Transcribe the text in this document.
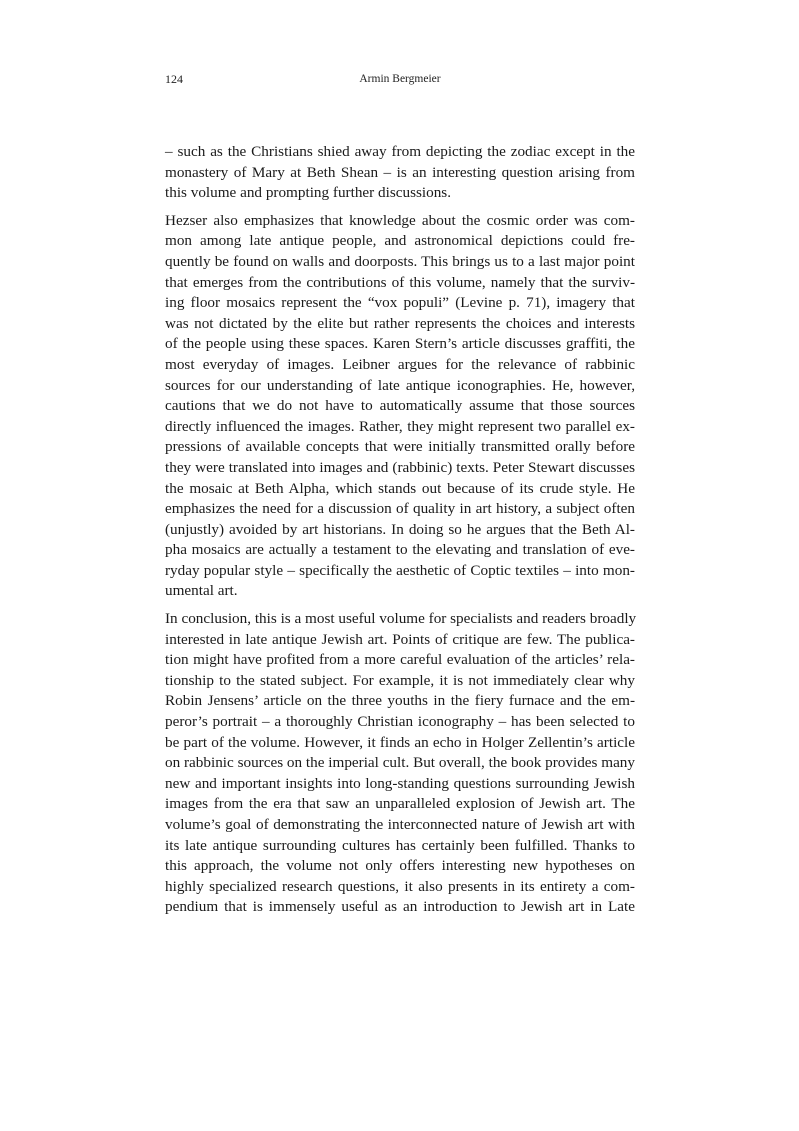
124	Armin Bergmeier
– such as the Christians shied away from depicting the zodiac except in the
monastery of Mary at Beth Shean – is an interesting question arising from
this volume and prompting further discussions.
Hezser also emphasizes that knowledge about the cosmic order was com-
mon among late antique people, and astronomical depictions could fre-
quently be found on walls and doorposts. This brings us to a last major point
that emerges from the contributions of this volume, namely that the surviv-
ing floor mosaics represent the “vox populi” (Levine p. 71), imagery that
was not dictated by the elite but rather represents the choices and interests
of the people using these spaces. Karen Stern’s article discusses graffiti, the
most everyday of images. Leibner argues for the relevance of rabbinic
sources for our understanding of late antique iconographies. He, however,
cautions that we do not have to automatically assume that those sources
directly influenced the images. Rather, they might represent two parallel ex-
pressions of available concepts that were initially transmitted orally before
they were translated into images and (rabbinic) texts. Peter Stewart discusses
the mosaic at Beth Alpha, which stands out because of its crude style. He
emphasizes the need for a discussion of quality in art history, a subject often
(unjustly) avoided by art historians. In doing so he argues that the Beth Al-
pha mosaics are actually a testament to the elevating and translation of eve-
ryday popular style – specifically the aesthetic of Coptic textiles – into mon-
umental art.
In conclusion, this is a most useful volume for specialists and readers broadly
interested in late antique Jewish art. Points of critique are few. The publica-
tion might have profited from a more careful evaluation of the articles’ rela-
tionship to the stated subject. For example, it is not immediately clear why
Robin Jensens’ article on the three youths in the fiery furnace and the em-
peror’s portrait – a thoroughly Christian iconography – has been selected to
be part of the volume. However, it finds an echo in Holger Zellentin’s article
on rabbinic sources on the imperial cult. But overall, the book provides many
new and important insights into long-standing questions surrounding Jewish
images from the era that saw an unparalleled explosion of Jewish art. The
volume’s goal of demonstrating the interconnected nature of Jewish art with
its late antique surrounding cultures has certainly been fulfilled. Thanks to
this approach, the volume not only offers interesting new hypotheses on
highly specialized research questions, it also presents in its entirety a com-
pendium that is immensely useful as an introduction to Jewish art in Late
